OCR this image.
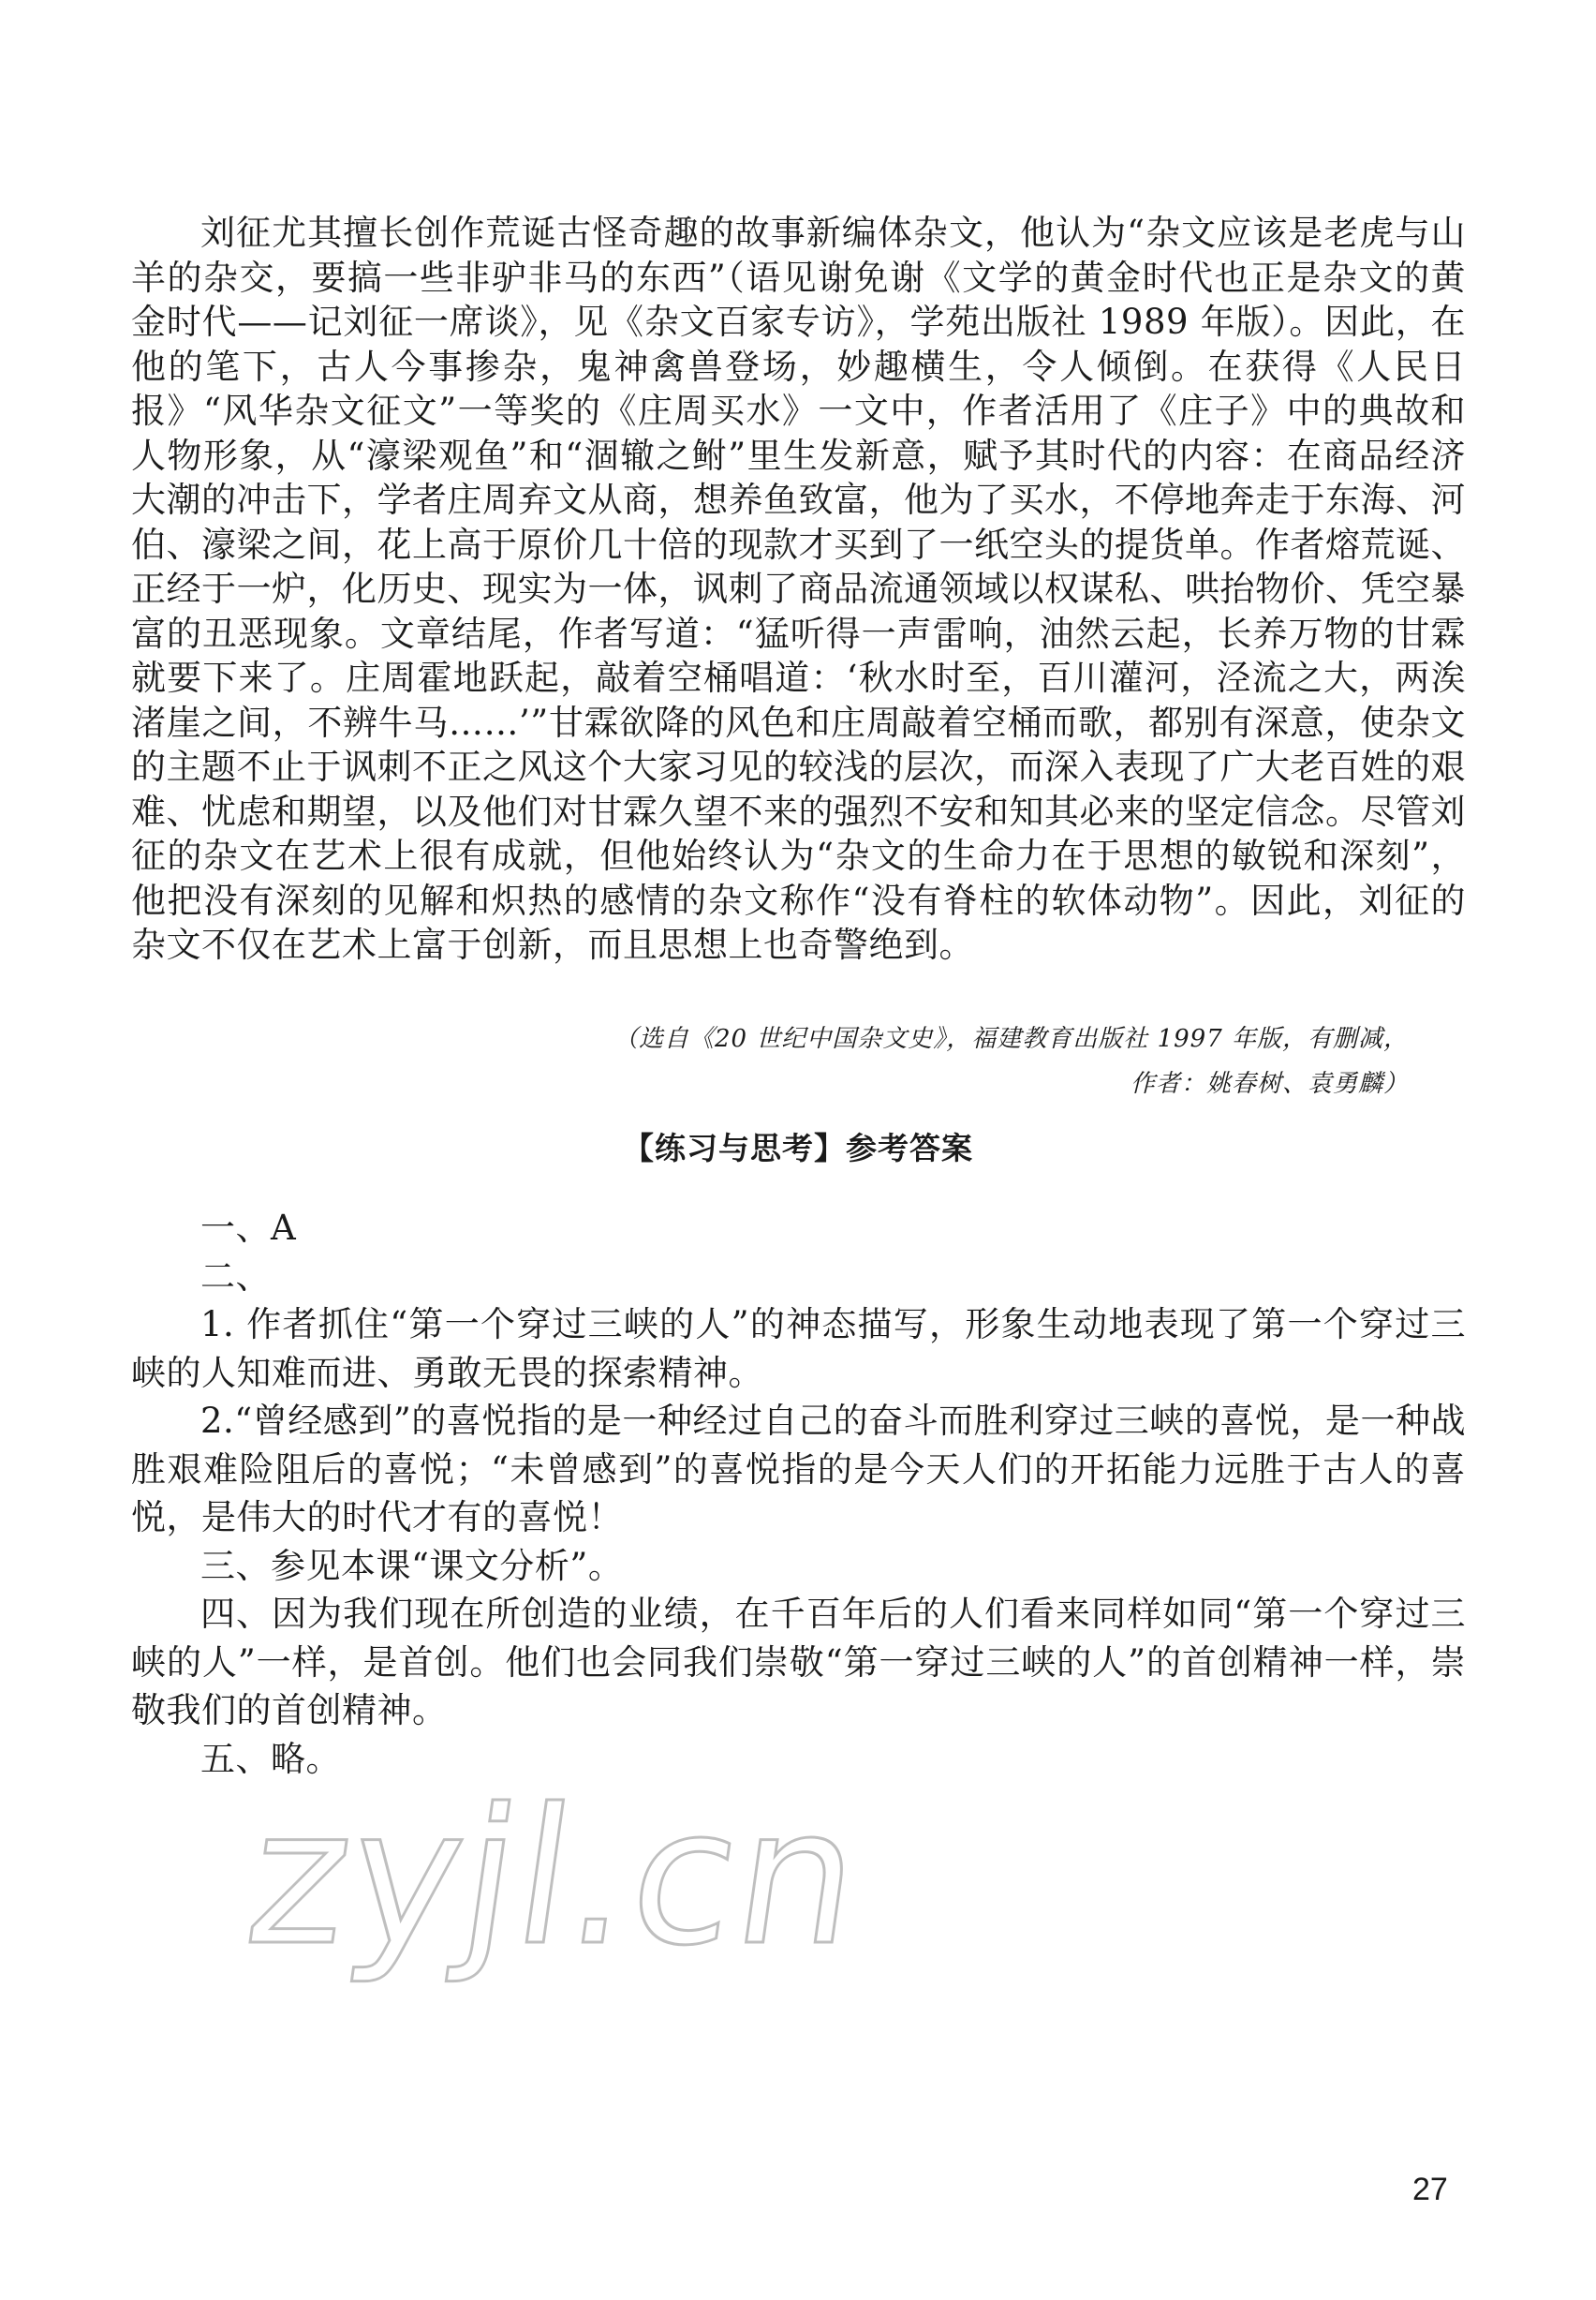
刘征尤其擅长创作荒诞古怪奇趣的故事新编体杂文，他认为“杂文应该是老虎与山羊的杂交，要搞一些非驴非马的东西”（语见谢免谢《文学的黄金时代也正是杂文的黄金时代——记刘征一席谈》，见《杂文百家专访》，学苑出版社 1989 年版）。因此，在他的笔下，古人今事掺杂，鬼神禽兽登场，妙趣横生，令人倾倒。在获得《人民日报》“风华杂文征文”一等奖的《庄周买水》一文中，作者活用了《庄子》中的典故和人物形象，从“濠梁观鱼”和“涸辙之鲋”里生发新意，赋予其时代的内容：在商品经济大潮的冲击下，学者庄周弃文从商，想养鱼致富，他为了买水，不停地奔走于东海、河伯、濠梁之间，花上高于原价几十倍的现款才买到了一纸空头的提货单。作者熔荒诞、正经于一炉，化历史、现实为一体，讽刺了商品流通领域以权谋私、哄抬物价、凭空暴富的丑恶现象。文章结尾，作者写道：“猛听得一声雷响，油然云起，长养万物的甘霖就要下来了。庄周霍地跃起，敲着空桶唱道：‘秋水时至，百川灌河，泾流之大，两涘渚崖之间，不辨牛马……’”甘霖欲降的风色和庄周敲着空桶而歌，都别有深意，使杂文的主题不止于讽刺不正之风这个大家习见的较浅的层次，而深入表现了广大老百姓的艰难、忧虑和期望，以及他们对甘霖久望不来的强烈不安和知其必来的坚定信念。尽管刘征的杂文在艺术上很有成就，但他始终认为“杂文的生命力在于思想的敏锐和深刻”，他把没有深刻的见解和炽热的感情的杂文称作“没有脊柱的软体动物”。因此，刘征的杂文不仅在艺术上富于创新，而且思想上也奇警绝到。

（选自《20 世纪中国杂文史》，福建教育出版社 1997 年版，有删减，
作者：姚春树、袁勇麟）
【练习与思考】参考答案

一、A

二、

1. 作者抓住“第一个穿过三峡的人”的神态描写，形象生动地表现了第一个穿过三峡的人知难而进、勇敢无畏的探索精神。

2.“曾经感到”的喜悦指的是一种经过自己的奋斗而胜利穿过三峡的喜悦，是一种战胜艰难险阻后的喜悦；“未曾感到”的喜悦指的是今天人们的开拓能力远胜于古人的喜悦，是伟大的时代才有的喜悦！

三、参见本课“课文分析”。

四、因为我们现在所创造的业绩，在千百年后的人们看来同样如同“第一个穿过三峡的人”一样，是首创。他们也会同我们崇敬“第一穿过三峡的人”的首创精神一样，崇敬我们的首创精神。

五、略。

zyjl.cn
27
